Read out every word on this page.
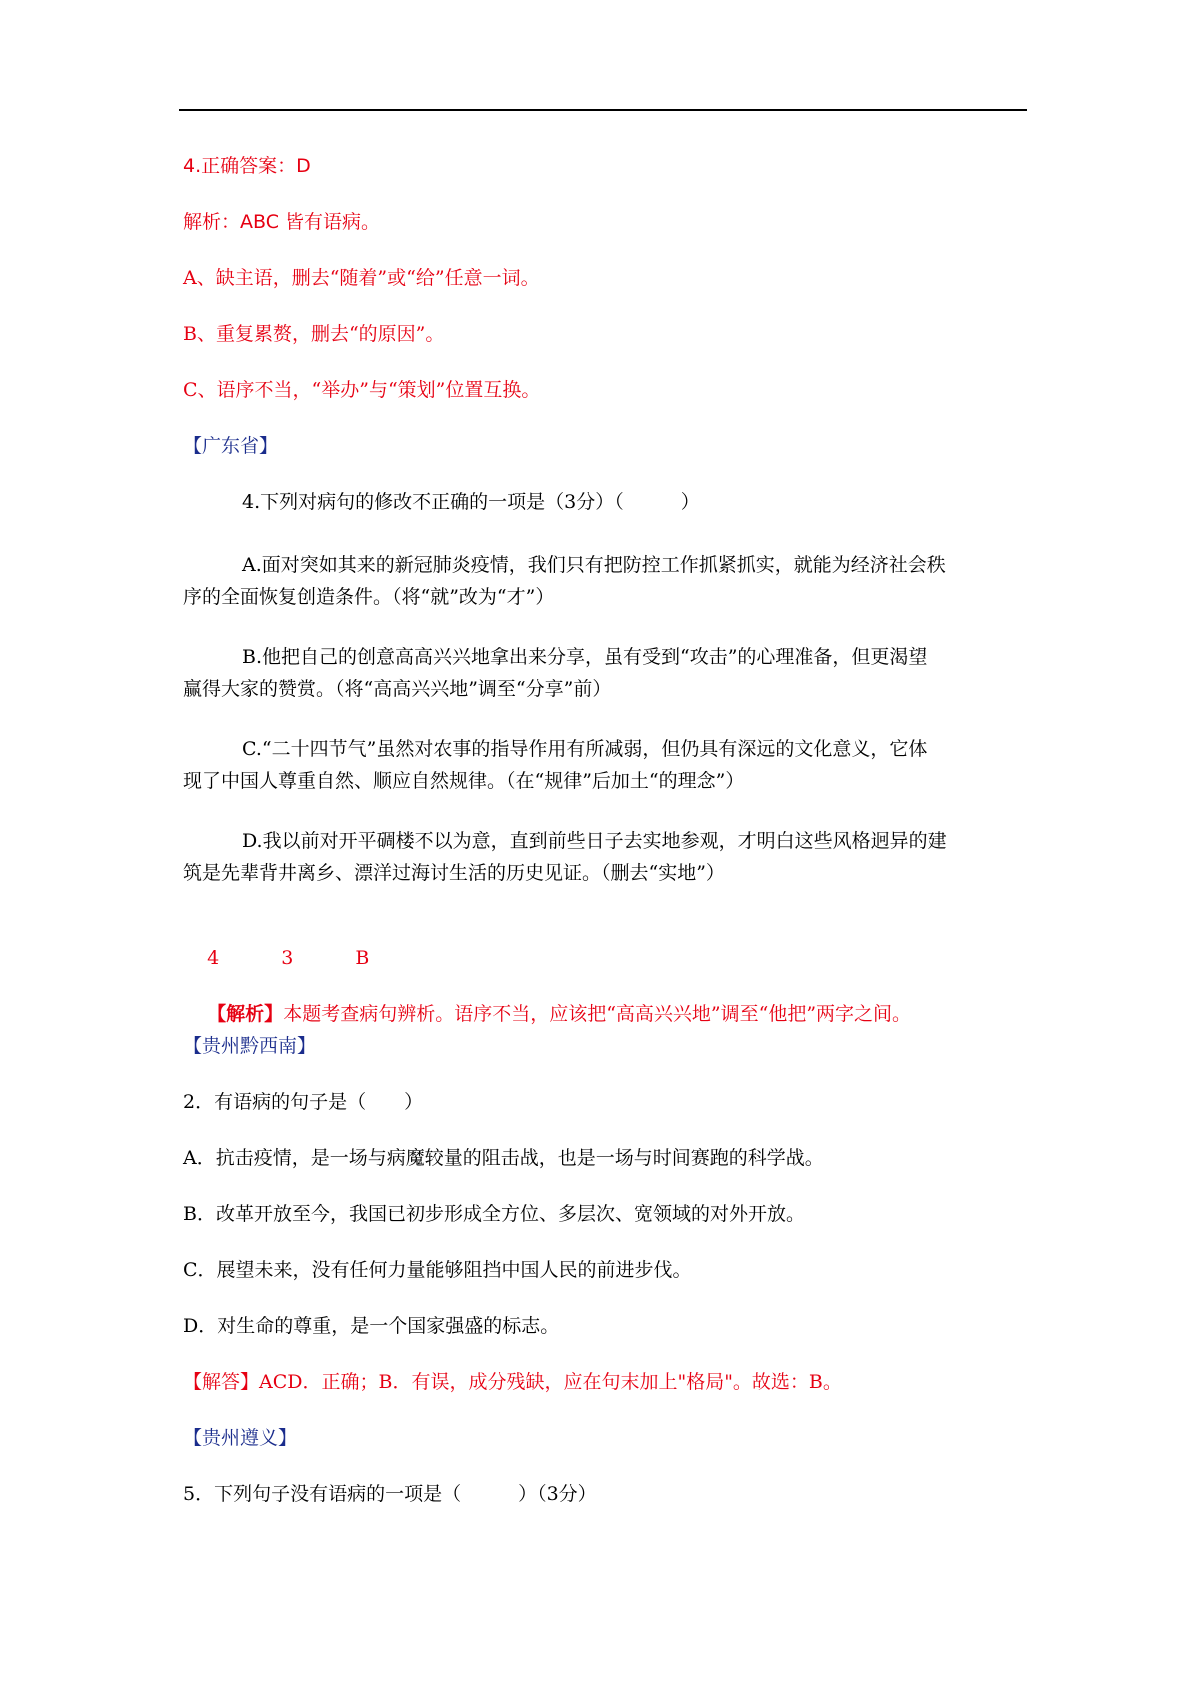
4.正确答案：D
解析：ABC 皆有语病。
A、缺主语，删去“随着”或“给”任意一词。
B、重复累赘，删去“的原因”。
C、语序不当，“举办”与“策划”位置互换。
【广东省】
4.下列对病句的修改不正确的一项是（3分）（　　　）
A.面对突如其来的新冠肺炎疫情，我们只有把防控工作抓紧抓实，就能为经济社会秩
序的全面恢复创造条件。（将“就”改为“才”）
B.他把自己的创意高高兴兴地拿出来分享，虽有受到“攻击”的心理准备，但更渴望
赢得大家的赞赏。（将“高高兴兴地”调至“分享”前）
C.“二十四节气”虽然对农事的指导作用有所减弱，但仍具有深远的文化意义，它体
现了中国人尊重自然、顺应自然规律。（在“规律”后加土“的理念”）
D.我以前对开平碉楼不以为意，直到前些日子去实地参观，才明白这些风格迥异的建
筑是先辈背井离乡、漂洋过海讨生活的历史见证。（删去“实地”）

4	3	B

【解析】本题考查病句辨析。语序不当，应该把“高高兴兴地”调至“他把”两字之间。

【贵州黔西南】
2．有语病的句子是（　　）
A．抗击疫情，是一场与病魔较量的阻击战，也是一场与时间赛跑的科学战。
B．改革开放至今，我国已初步形成全方位、多层次、宽领域的对外开放。
C．展望未来，没有任何力量能够阻挡中国人民的前进步伐。
D．对生命的尊重，是一个国家强盛的标志。
【解答】ACD．正确；B．有误，成分残缺，应在句末加上"格局"。故选：B。
【贵州遵义】
5．下列句子没有语病的一项是（　　　）（3分）
